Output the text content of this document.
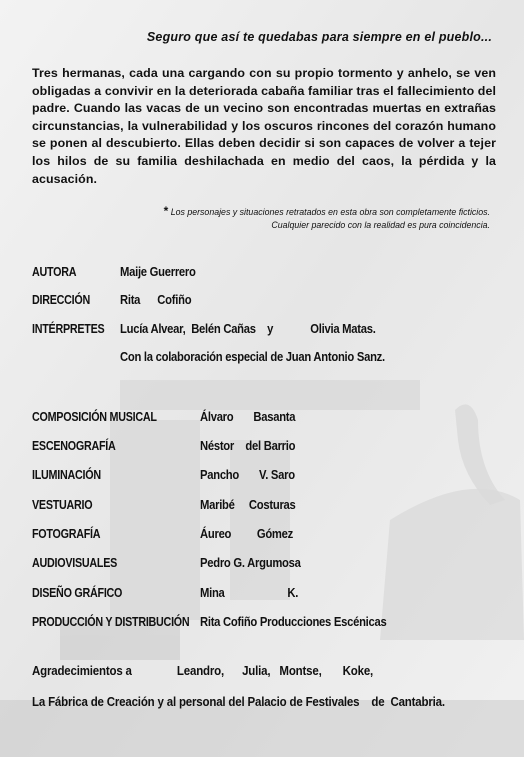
Seguro que así te quedabas para siempre en el pueblo...

Tres hermanas, cada una cargando con su propio tormento y anhelo, se ven obligadas a convivir en la deteriorada cabaña familiar tras el fallecimiento del padre. Cuando las vacas de un vecino son encontradas muertas en extrañas circunstancias, la vulnerabilidad y los oscuros rincones del corazón humano se ponen al descubierto. Ellas deben decidir si son capaces de volver a tejer los hilos de su familia deshilachada en medio del caos, la pérdida y la acusación.

* Los personajes y situaciones retratados en esta obra son completamente ficticios.
Cualquier parecido con la realidad es pura coincidencia.
AUTORA	Maije Guerrero
DIRECCIÓN Rita      Cofiño
INTÉRPRETES Lucía Alvear,  Belén Cañas    y             Olivia Matas.
Con la colaboración especial de Juan Antonio Sanz.
COMPOSICIÓN MUSICAL	Álvaro       Basanta
ESCENOGRAFÍA	Néstor    del Barrio
ILUMINACIÓN	Pancho       V. Saro
VESTUARIO	Maribé     Costuras
FOTOGRAFÍA	Áureo         Gómez
AUDIOVISUALES	Pedro G. Argumosa
DISEÑO GRÁFICO	Mina                      K.
PRODUCCIÓN Y DISTRIBUCIÓN Rita Cofiño Producciones Escénicas
Agradecimientos a               Leandro,      Julia,   Montse,       Koke,
La Fábrica de Creación y al personal del Palacio de Festivales    de  Cantabria.
